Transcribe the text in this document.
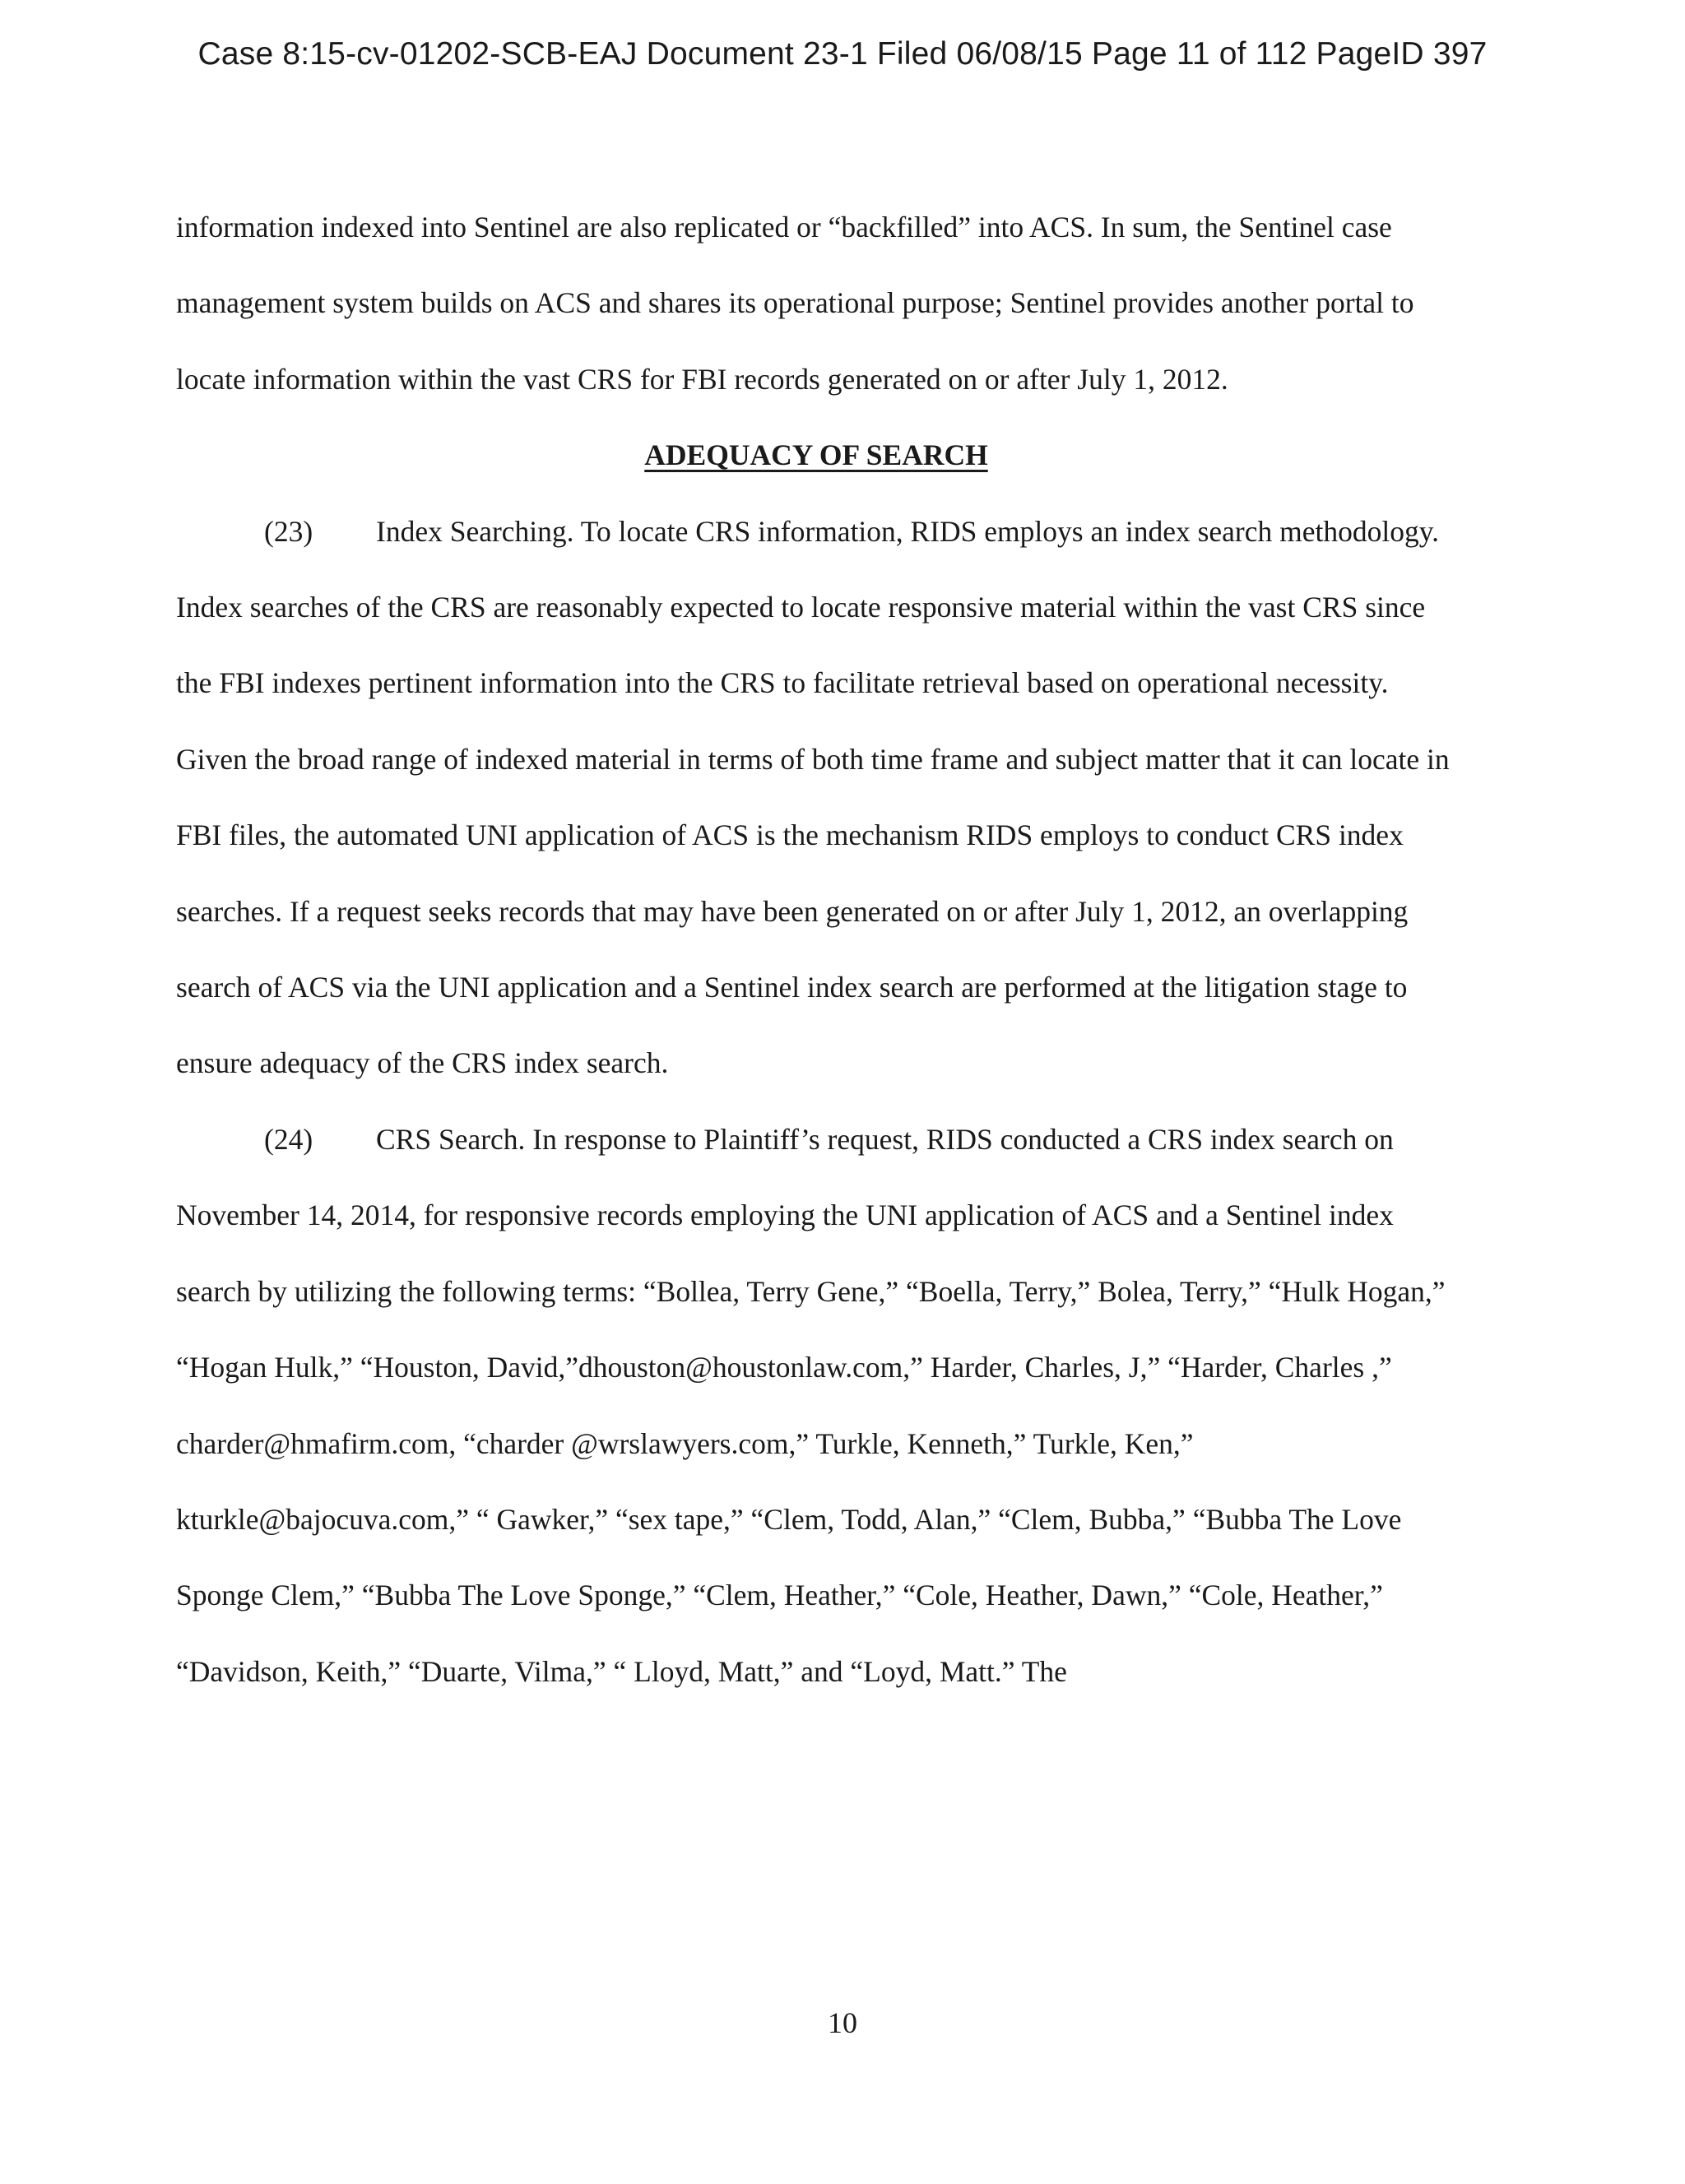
Case 8:15-cv-01202-SCB-EAJ Document 23-1 Filed 06/08/15 Page 11 of 112 PageID 397

information indexed into Sentinel are also replicated or “backfilled” into ACS. In sum, the Sentinel case management system builds on ACS and shares its operational purpose; Sentinel provides another portal to locate information within the vast CRS for FBI records generated on or after July 1, 2012.

ADEQUACY OF SEARCH

(23) Index Searching. To locate CRS information, RIDS employs an index search methodology. Index searches of the CRS are reasonably expected to locate responsive material within the vast CRS since the FBI indexes pertinent information into the CRS to facilitate retrieval based on operational necessity. Given the broad range of indexed material in terms of both time frame and subject matter that it can locate in FBI files, the automated UNI application of ACS is the mechanism RIDS employs to conduct CRS index searches. If a request seeks records that may have been generated on or after July 1, 2012, an overlapping search of ACS via the UNI application and a Sentinel index search are performed at the litigation stage to ensure adequacy of the CRS index search.

(24) CRS Search. In response to Plaintiff’s request, RIDS conducted a CRS index search on November 14, 2014, for responsive records employing the UNI application of ACS and a Sentinel index search by utilizing the following terms: “Bollea, Terry Gene,” “Boella, Terry,” Bolea, Terry,” “Hulk Hogan,” “Hogan Hulk,” “Houston, David,”dhouston@houstonlaw.com,” Harder, Charles, J,” “Harder, Charles ,” charder@hmafirm.com, “charder @wrslawyers.com,” Turkle, Kenneth,” Turkle, Ken,” kturkle@bajocuva.com,” “ Gawker,” “sex tape,” “Clem, Todd, Alan,” “Clem, Bubba,” “Bubba The Love Sponge Clem,” “Bubba The Love Sponge,” “Clem, Heather,” “Cole, Heather, Dawn,” “Cole, Heather,” “Davidson, Keith,” “Duarte, Vilma,” “ Lloyd, Matt,” and “Loyd, Matt.” The

10
